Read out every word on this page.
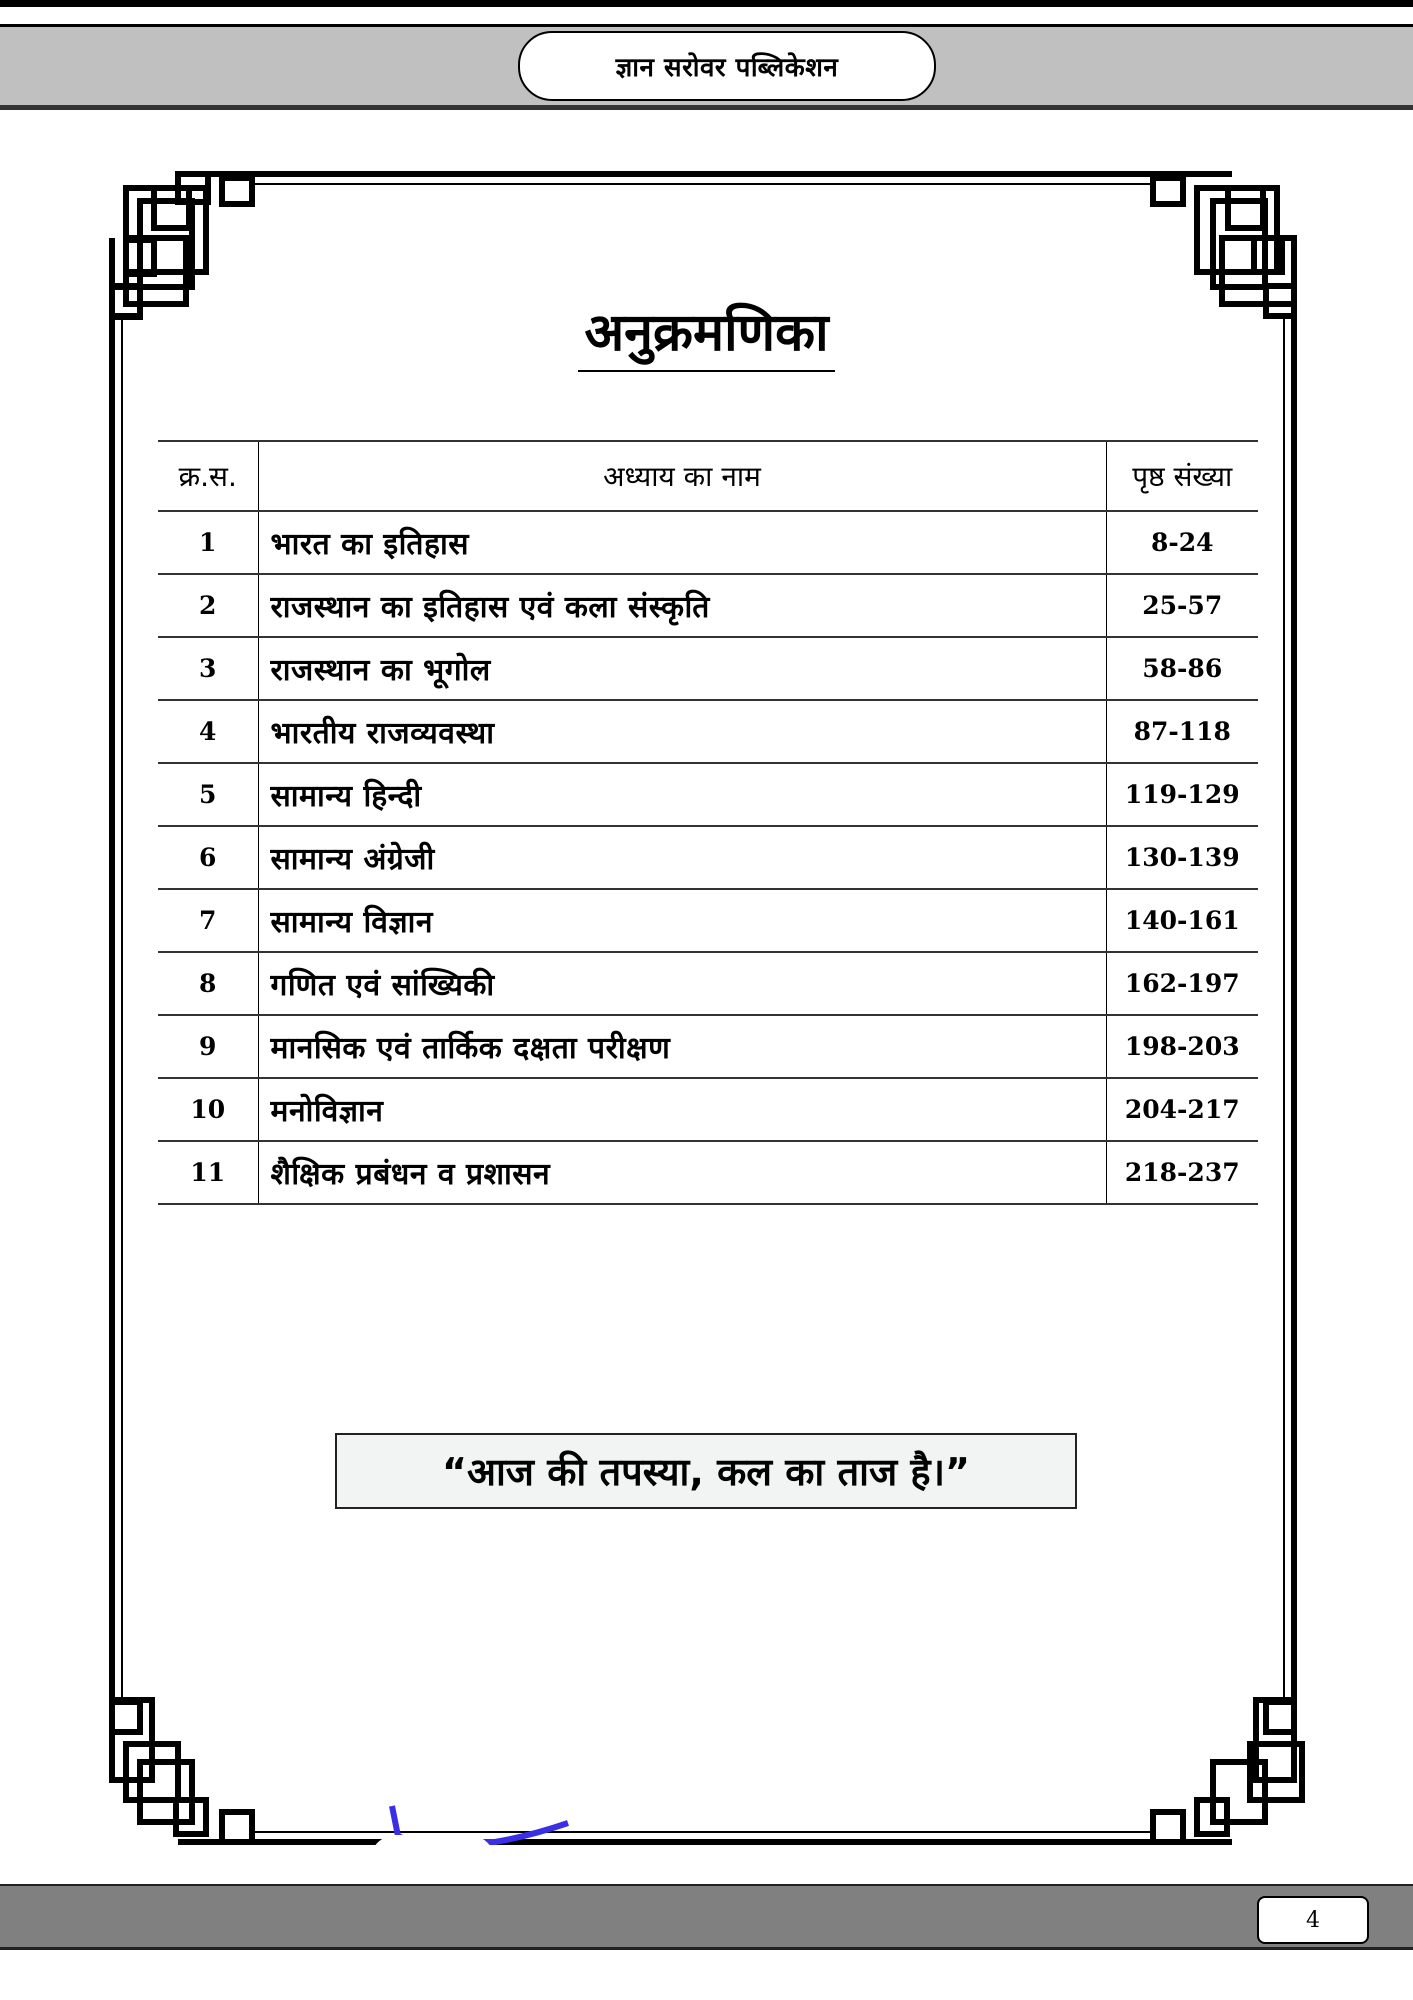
ज्ञान सरोवर पब्लिकेशन
अनुक्रमणिका
क्र.स.	अध्याय का नाम	पृष्ठ संख्या
1	भारत का इतिहास	8-24
2	राजस्थान का इतिहास एवं कला संस्कृति	25-57
3	राजस्थान का भूगोल	58-86
4	भारतीय राजव्यवस्था	87-118
5	सामान्य हिन्दी	119-129
6	सामान्य अंग्रेजी	130-139
7	सामान्य विज्ञान	140-161
8	गणित एवं सांख्यिकी	162-197
9	मानसिक एवं तार्किक दक्षता परीक्षण	198-203
10	मनोविज्ञान	204-217
11	शैक्षिक प्रबंधन व प्रशासन	218-237
“आज की तपस्या, कल का ताज है।”
4
